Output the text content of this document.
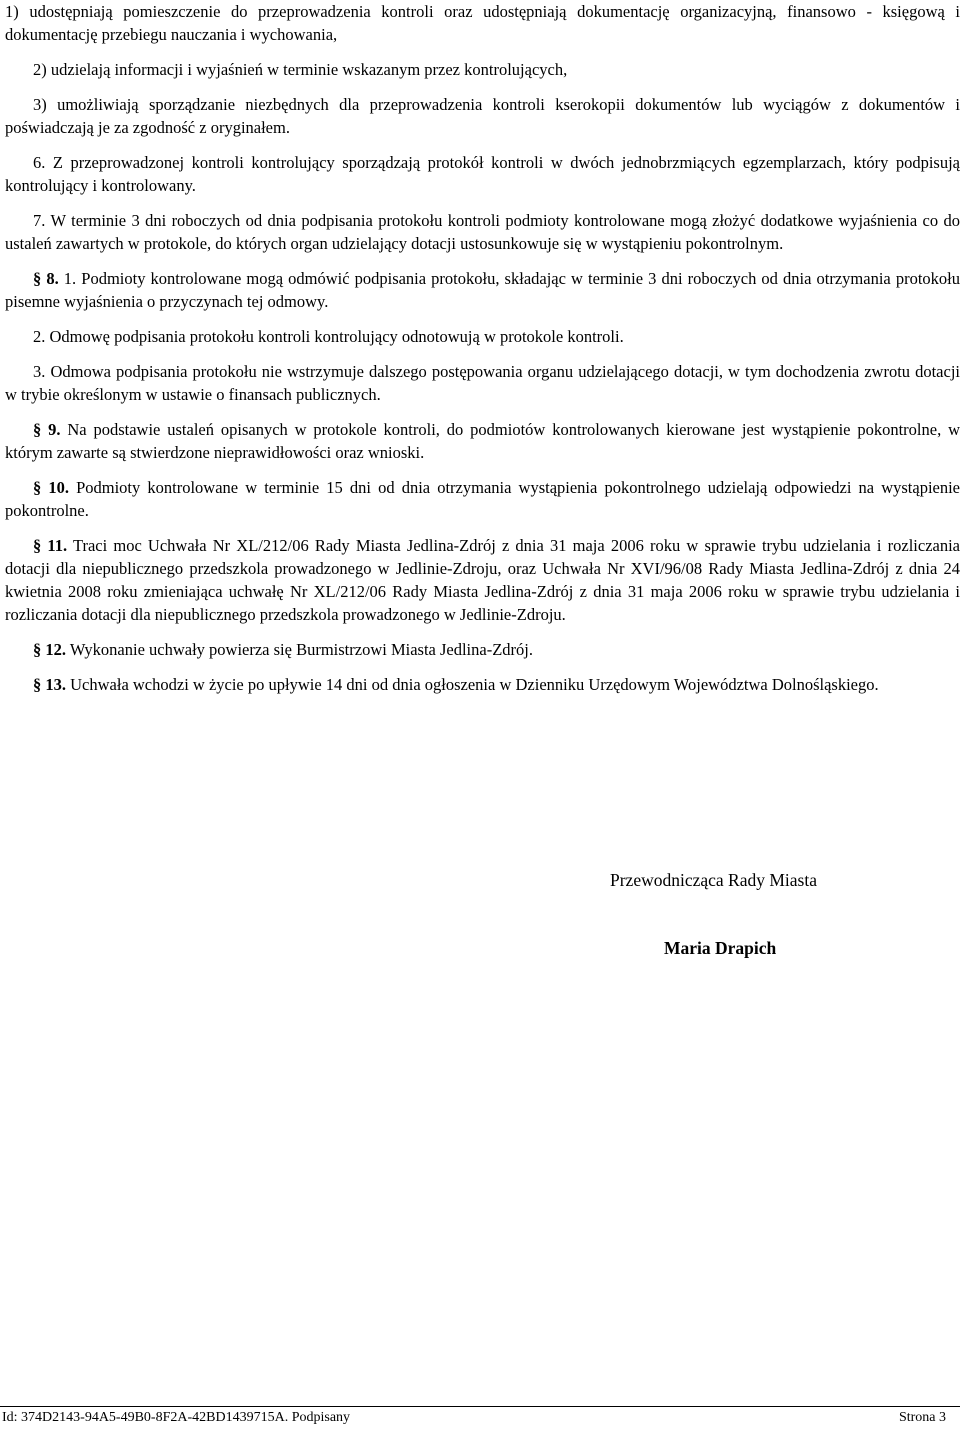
1) udostępniają pomieszczenie do przeprowadzenia kontroli oraz udostępniają dokumentację organizacyjną, finansowo - księgową i dokumentację przebiegu nauczania i wychowania,

2) udzielają informacji i wyjaśnień w terminie wskazanym przez kontrolujących,

3) umożliwiają sporządzanie niezbędnych dla przeprowadzenia kontroli kserokopii dokumentów lub wyciągów z dokumentów i poświadczają je za zgodność z oryginałem.

6. Z przeprowadzonej kontroli kontrolujący sporządzają protokół kontroli w dwóch jednobrzmiących egzemplarzach, który podpisują kontrolujący i kontrolowany.

7. W terminie 3 dni roboczych od dnia podpisania protokołu kontroli podmioty kontrolowane mogą złożyć dodatkowe wyjaśnienia co do ustaleń zawartych w protokole, do których organ udzielający dotacji ustosunkowuje się w wystąpieniu pokontrolnym.

§ 8. 1. Podmioty kontrolowane mogą odmówić podpisania protokołu, składając w terminie 3 dni roboczych od dnia otrzymania protokołu pisemne wyjaśnienia o przyczynach tej odmowy.

2. Odmowę podpisania protokołu kontroli kontrolujący odnotowują w protokole kontroli.

3. Odmowa podpisania protokołu nie wstrzymuje dalszego postępowania organu udzielającego dotacji, w tym dochodzenia zwrotu dotacji w trybie określonym w ustawie o finansach publicznych.

§ 9. Na podstawie ustaleń opisanych w protokole kontroli, do podmiotów kontrolowanych kierowane jest wystąpienie pokontrolne, w którym zawarte są stwierdzone nieprawidłowości oraz wnioski.

§ 10. Podmioty kontrolowane w terminie 15 dni od dnia otrzymania wystąpienia pokontrolnego udzielają odpowiedzi na wystąpienie pokontrolne.

§ 11. Traci moc Uchwała Nr XL/212/06 Rady Miasta Jedlina-Zdrój z dnia 31 maja 2006 roku w sprawie trybu udzielania i rozliczania dotacji dla niepublicznego przedszkola prowadzonego w Jedlinie-Zdroju, oraz Uchwała Nr XVI/96/08 Rady Miasta Jedlina-Zdrój z dnia 24 kwietnia 2008 roku zmieniająca uchwałę Nr XL/212/06 Rady Miasta Jedlina-Zdrój z dnia 31 maja 2006 roku w sprawie trybu udzielania i rozliczania dotacji dla niepublicznego przedszkola prowadzonego w Jedlinie-Zdroju.

§ 12. Wykonanie uchwały powierza się Burmistrzowi Miasta Jedlina-Zdrój.

§ 13. Uchwała wchodzi w życie po upływie 14 dni od dnia ogłoszenia w Dzienniku Urzędowym Województwa Dolnośląskiego.

Przewodnicząca Rady Miasta
Maria Drapich
Id: 374D2143-94A5-49B0-8F2A-42BD1439715A. Podpisany	Strona 3
